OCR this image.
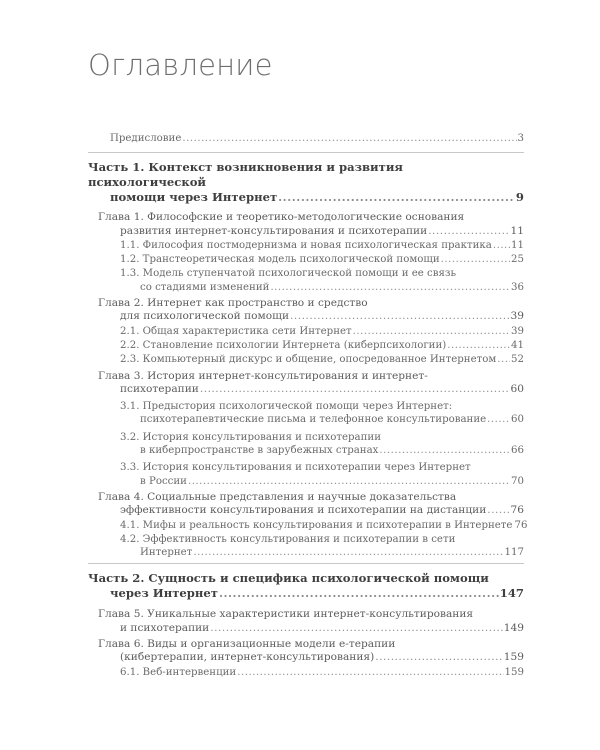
Оглавление
Предисловие .....	3
Часть 1. Контекст возникновения и развития психологической
помощи через Интернет .....	9
Глава 1. Философские и теоретико-методологические основания
развития интернет-консультирования и психотерапии .....	11
1.1. Философия постмодернизма и новая психологическая практика ..... 11
1.2. Транстеоретическая модель психологической помощи .....	25
1.3. Модель ступенчатой психологической помощи и ее связь
со стадиями изменений .....	36
Глава 2. Интернет как пространство и средство
для психологической помощи .....	39
2.1. Общая характеристика сети Интернет .....	39
2.2. Становление психологии Интернета (киберпсихологии) .....	41
2.3. Компьютерный дискурс и общение, опосредованное Интернетом ..... 52
Глава 3. История интернет-консультирования и интернет-
психотерапии .....	60
3.1. Предыстория психологической помощи через Интернет:
психотерапевтические письма и телефонное консультирование ..... 60
3.2. История консультирования и психотерапии
в киберпространстве в зарубежных странах .....	66
3.3. История консультирования и психотерапии через Интернет
в России .....	70
Глава 4. Социальные представления и научные доказательства
эффективности консультирования и психотерапии на дистанции ..... 76
4.1. Мифы и реальность консультирования и психотерапии в Интернете 76
4.2. Эффективность консультирования и психотерапии в сети
Интернет .....	117
Часть 2. Сущность и специфика психологической помощи
через Интернет .....	147
Глава 5. Уникальные характеристики интернет-консультирования
и психотерапии .....	149
Глава 6. Виды и организационные модели е-терапии
(кибертерапии, интернет-консультирования) .....	159
6.1. Веб-интервенции .....	159
